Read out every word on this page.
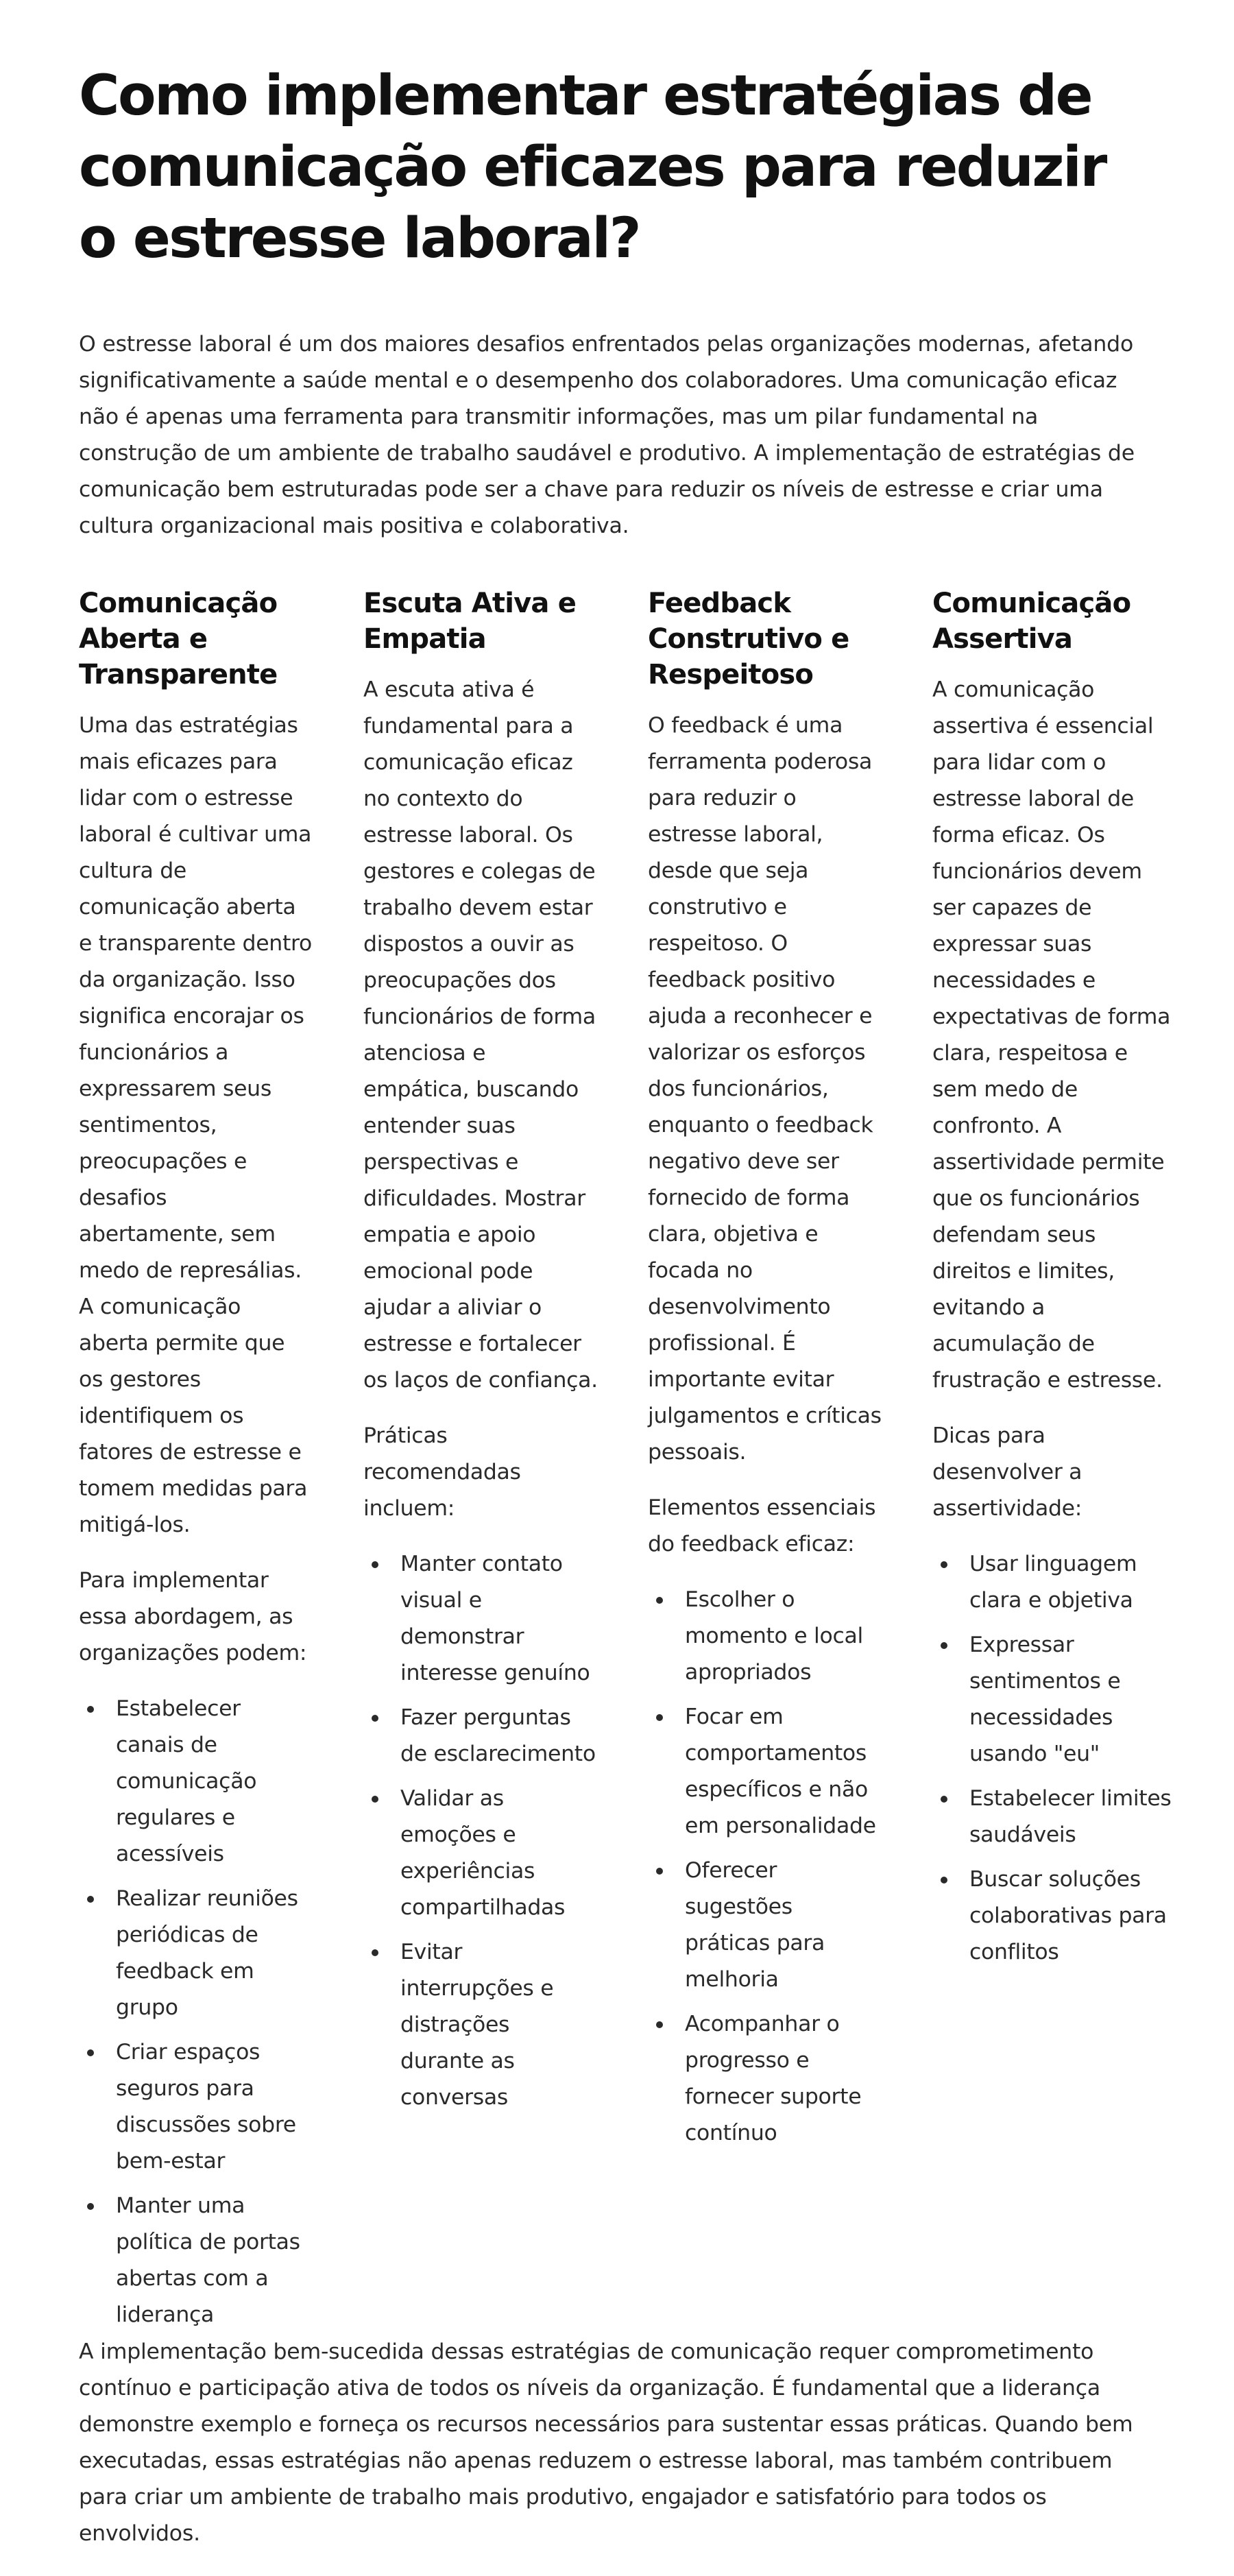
Como implementar estratégias de comunicação eficazes para reduzir o estresse laboral?

O estresse laboral é um dos maiores desafios enfrentados pelas organizações modernas, afetando significativamente a saúde mental e o desempenho dos colaboradores. Uma comunicação eficaz não é apenas uma ferramenta para transmitir informações, mas um pilar fundamental na construção de um ambiente de trabalho saudável e produtivo. A implementação de estratégias de comunicação bem estruturadas pode ser a chave para reduzir os níveis de estresse e criar uma cultura organizacional mais positiva e colaborativa.

Comunicação Aberta e Transparente

Uma das estratégias mais eficazes para lidar com o estresse laboral é cultivar uma cultura de comunicação aberta e transparente dentro da organização. Isso significa encorajar os funcionários a expressarem seus sentimentos, preocupações e desafios abertamente, sem medo de represálias. A comunicação aberta permite que os gestores identifiquem os fatores de estresse e tomem medidas para mitigá-los.

Para implementar essa abordagem, as organizações podem:

Estabelecer canais de comunicação regulares e acessíveis
Realizar reuniões periódicas de feedback em grupo
Criar espaços seguros para discussões sobre bem-estar
Manter uma política de portas abertas com a liderança
Escuta Ativa e Empatia

A escuta ativa é fundamental para a comunicação eficaz no contexto do estresse laboral. Os gestores e colegas de trabalho devem estar dispostos a ouvir as preocupações dos funcionários de forma atenciosa e empática, buscando entender suas perspectivas e dificuldades. Mostrar empatia e apoio emocional pode ajudar a aliviar o estresse e fortalecer os laços de confiança.

Práticas recomendadas incluem:

Manter contato visual e demonstrar interesse genuíno
Fazer perguntas de esclarecimento
Validar as emoções e experiências compartilhadas
Evitar interrupções e distrações durante as conversas
Feedback Construtivo e Respeitoso

O feedback é uma ferramenta poderosa para reduzir o estresse laboral, desde que seja construtivo e respeitoso. O feedback positivo ajuda a reconhecer e valorizar os esforços dos funcionários, enquanto o feedback negativo deve ser fornecido de forma clara, objetiva e focada no desenvolvimento profissional. É importante evitar julgamentos e críticas pessoais.

Elementos essenciais do feedback eficaz:

Escolher o momento e local apropriados
Focar em comportamentos específicos e não em personalidade
Oferecer sugestões práticas para melhoria
Acompanhar o progresso e fornecer suporte contínuo
Comunicação Assertiva

A comunicação assertiva é essencial para lidar com o estresse laboral de forma eficaz. Os funcionários devem ser capazes de expressar suas necessidades e expectativas de forma clara, respeitosa e sem medo de confronto. A assertividade permite que os funcionários defendam seus direitos e limites, evitando a acumulação de frustração e estresse.

Dicas para desenvolver a assertividade:

Usar linguagem clara e objetiva
Expressar sentimentos e necessidades usando "eu"
Estabelecer limites saudáveis
Buscar soluções colaborativas para conflitos

A implementação bem-sucedida dessas estratégias de comunicação requer comprometimento contínuo e participação ativa de todos os níveis da organização. É fundamental que a liderança demonstre exemplo e forneça os recursos necessários para sustentar essas práticas. Quando bem executadas, essas estratégias não apenas reduzem o estresse laboral, mas também contribuem para criar um ambiente de trabalho mais produtivo, engajador e satisfatório para todos os envolvidos.
